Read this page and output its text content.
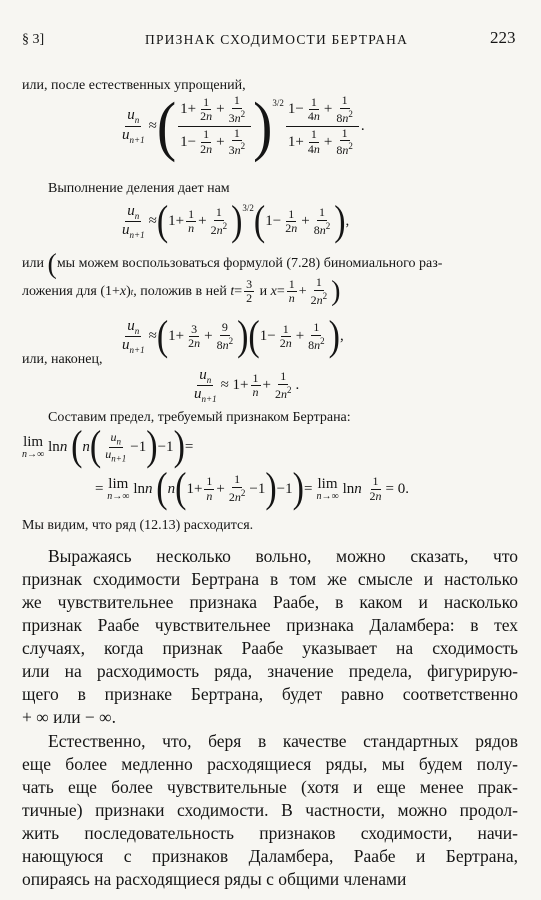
§ 3]	ПРИЗНАК СХОДИМОСТИ БЕРТРАНА	223
или, после естественных упрощений,
$\frac{u_n}{u_{n+1}}$ ≈ ( $\frac{1+ \frac{1}{2n} + \frac{1}{3n^2}}{1- \frac{1}{2n} + \frac{1}{3n^2}} )^{3/2} \frac{1- \frac{1}{4n} + \frac{1}{8n^2}}{1+ \frac{1}{4n} + \frac{1}{8n^2}}$ .
Выполнение деления дает нам
$\frac{u_n}{u_{n+1}}$ ≈ ( $1+ \frac{1}{n} + \frac{1}{2n^2} )^{3/2}$ ( $1- \frac{1}{2n} + \frac{1}{8n^2}$ ) ,
или (мы можем воспользоваться формулой (7.28) биномиального раз-
ложения для (1+ x ) t , положив в ней
$t = \frac{3}{2}$
и
$x = \frac{1}{n} + \frac{1}{2n^2}$ )
$\frac{u_n}{u_{n+1}}$ ≈ ( $1+ \frac{3}{2n} + \frac{9}{8n^2}$ ) ( $1- \frac{1}{2n} + \frac{1}{8n^2}$ ) ,
или, наконец,
$\frac{u_n}{u_{n+1}} \approx 1+ \frac{1}{n} + \frac{1}{2n^2}$ .
Составим предел, требуемый признаком Бертрана:
lim
n→∞ ln n
( n ( $\frac{u_n}{u_{n+1}} -1$ ) −1 ) =
= lim
n→∞ ln n
( n ( $1+ \frac{1}{n} + \frac{1}{2n^2} -1$ ) −1 ) = lim
n→∞ ln n
$\frac{1}{2n} = 0$.
Мы видим, что ряд (12.13) расходится.
Выражаясь несколько вольно, можно сказать, что
признак сходимости Бертрана в том же смысле и настолько
же чувствительнее признака Раабе, в каком и насколько
признак Раабе чувствительнее признака Даламбера: в тех
случаях, когда признак Раабе указывает на сходимость
или на расходимость ряда, значение предела, фигурирую-
щего в признаке Бертрана, будет равно соответственно
+ ∞ или − ∞.
Естественно, что, беря в качестве стандартных рядов
еще более медленно расходящиеся ряды, мы будем полу-
чать еще более чувствительные (хотя и еще менее прак-
тичные) признаки сходимости. В частности, можно продол-
жить последовательность признаков сходимости, начи-
нающуюся с признаков Даламбера, Раабе и Бертрана,
опираясь на расходящиеся ряды с общими членами
